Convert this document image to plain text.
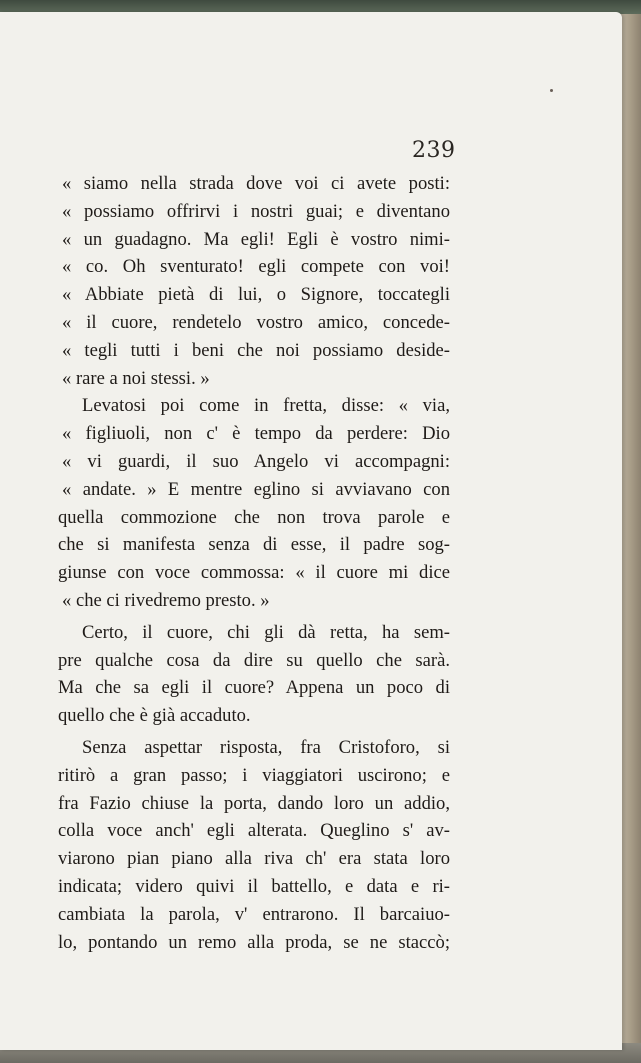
239
« siamo nella strada dove voi ci avete posti:
« possiamo offrirvi i nostri guai; e diventano
« un guadagno. Ma egli! Egli è vostro nimi-
« co. Oh sventurato! egli compete con voi!
« Abbiate pietà di lui, o Signore, toccategli
« il cuore, rendetelo vostro amico, concede-
« tegli tutti i beni che noi possiamo deside-
« rare a noi stessi. »
Levatosi poi come in fretta, disse: « via,
« figliuoli, non c' è tempo da perdere: Dio
« vi guardi, il suo Angelo vi accompagni:
« andate. » E mentre eglino si avviavano con
quella commozione che non trova parole e
che si manifesta senza di esse, il padre sog-
giunse con voce commossa: « il cuore mi dice
« che ci rivedremo presto. »
Certo, il cuore, chi gli dà retta, ha sem-
pre qualche cosa da dire su quello che sarà.
Ma che sa egli il cuore? Appena un poco di
quello che è già accaduto.
Senza aspettar risposta, fra Cristoforo, si
ritirò a gran passo; i viaggiatori uscirono; e
fra Fazio chiuse la porta, dando loro un addio,
colla voce anch' egli alterata. Queglino s' av-
viarono pian piano alla riva ch' era stata loro
indicata; videro quivi il battello, e data e ri-
cambiata la parola, v' entrarono. Il barcaiuo-
lo, pontando un remo alla proda, se ne staccò;
